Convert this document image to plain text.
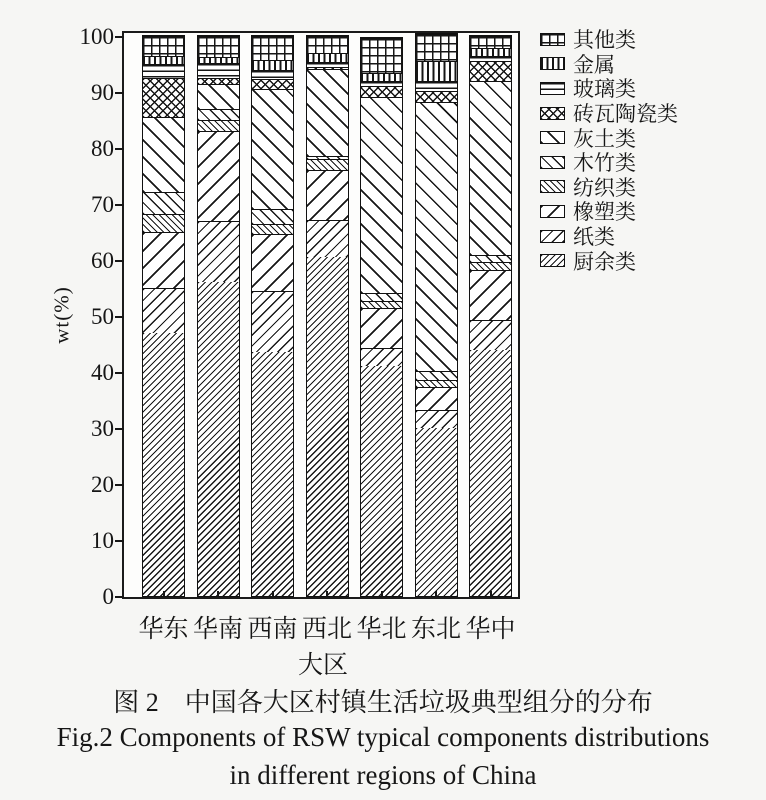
wt(%)
大区
0
10
20
30
40
50
60
70
80
90
100
华东 华南 西南 西北 华北 东北 华中
其他类
金属
玻璃类
砖瓦陶瓷类
灰土类
木竹类
纺织类
橡塑类
纸类
厨余类
图 2　中国各大区村镇生活垃圾典型组分的分布
Fig.2 Components of RSW typical components distributions
in different regions of China
